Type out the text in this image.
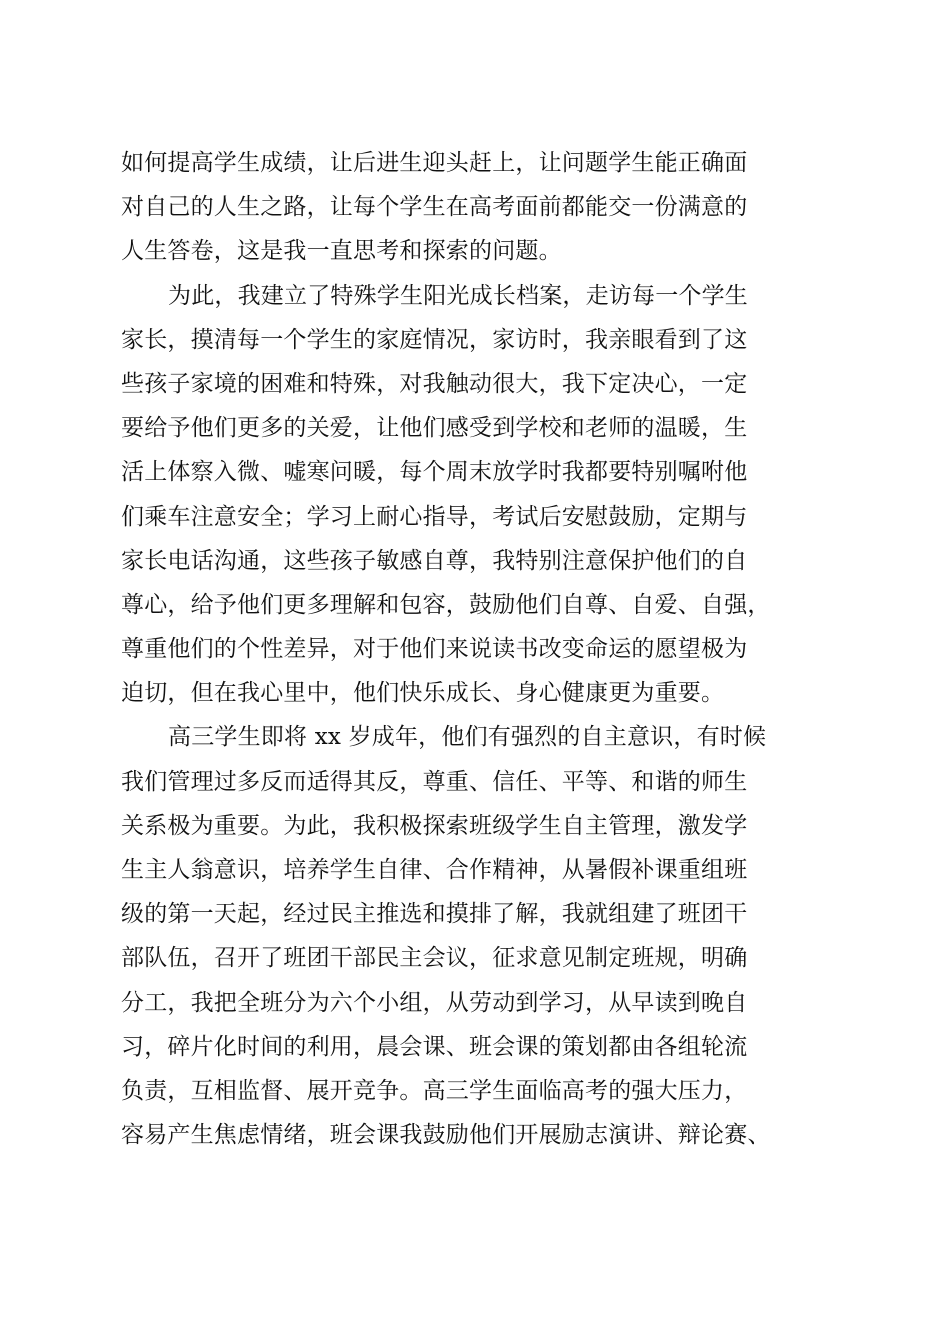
如何提高学生成绩，让后进生迎头赶上，让问题学生能正确面
对自己的人生之路，让每个学生在高考面前都能交一份满意的
人生答卷，这是我一直思考和探索的问题。
为此，我建立了特殊学生阳光成长档案，走访每一个学生
家长，摸清每一个学生的家庭情况，家访时，我亲眼看到了这
些孩子家境的困难和特殊，对我触动很大，我下定决心，一定
要给予他们更多的关爱，让他们感受到学校和老师的温暖，生
活上体察入微、嘘寒问暖，每个周末放学时我都要特别嘱咐他
们乘车注意安全；学习上耐心指导，考试后安慰鼓励，定期与
家长电话沟通，这些孩子敏感自尊，我特别注意保护他们的自
尊心，给予他们更多理解和包容，鼓励他们自尊、自爱、自强，
尊重他们的个性差异，对于他们来说读书改变命运的愿望极为
迫切，但在我心里中，他们快乐成长、身心健康更为重要。
高三学生即将 xx 岁成年，他们有强烈的自主意识，有时候
我们管理过多反而适得其反，尊重、信任、平等、和谐的师生
关系极为重要。为此，我积极探索班级学生自主管理，激发学
生主人翁意识，培养学生自律、合作精神，从暑假补课重组班
级的第一天起，经过民主推选和摸排了解，我就组建了班团干
部队伍，召开了班团干部民主会议，征求意见制定班规，明确
分工，我把全班分为六个小组，从劳动到学习，从早读到晚自
习，碎片化时间的利用，晨会课、班会课的策划都由各组轮流
负责，互相监督、展开竞争。高三学生面临高考的强大压力，
容易产生焦虑情绪，班会课我鼓励他们开展励志演讲、辩论赛、
